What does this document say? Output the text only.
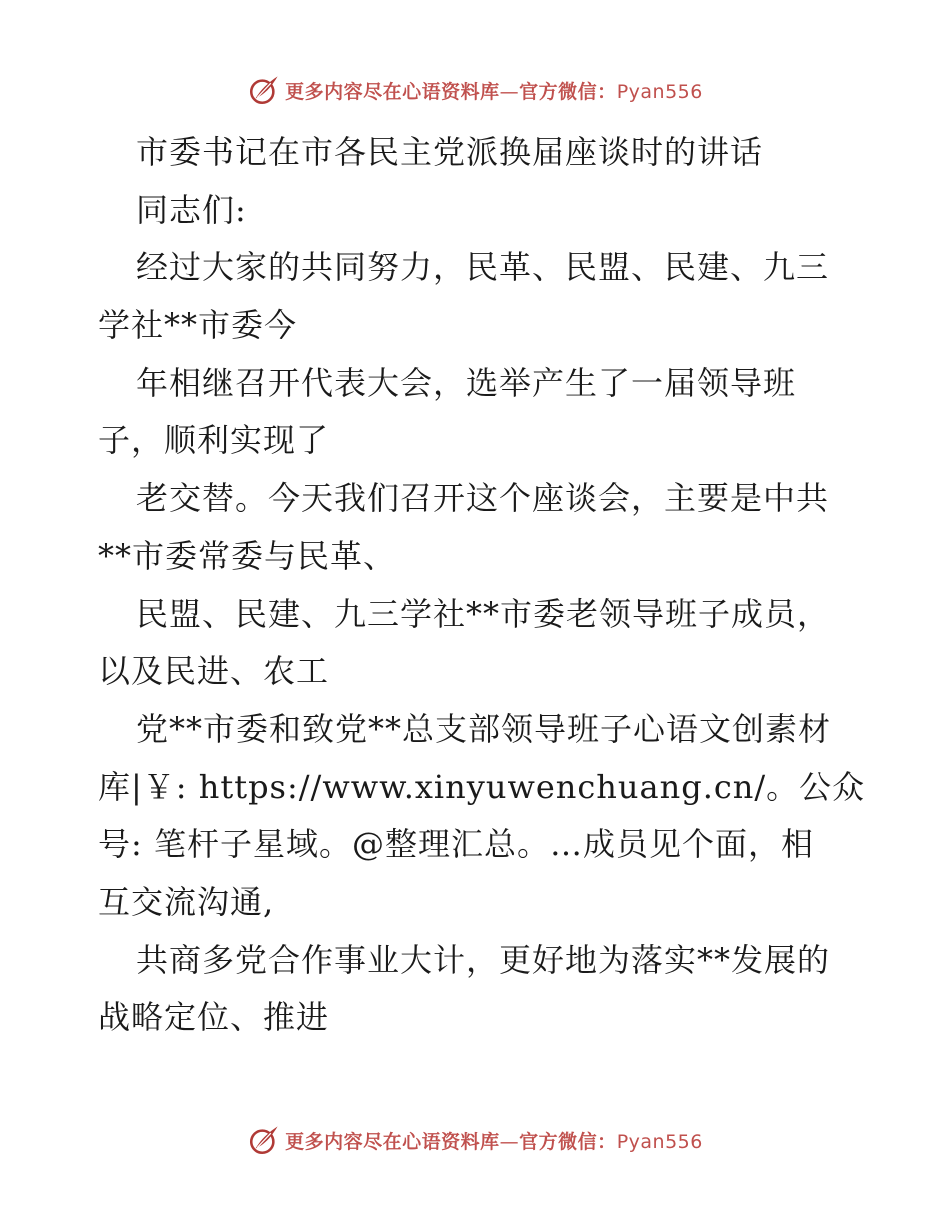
更多内容尽在心语资料库—官方微信：Pyan556
市委书记在市各民主党派换届座谈时的讲话
同志们:
经过大家的共同努力，民革、民盟、民建、九三
学社**市委今
年相继召开代表大会，选举产生了一届领导班
子，顺利实现了
老交替。今天我们召开这个座谈会，主要是中共
**市委常委与民革、
民盟、民建、九三学社**市委老领导班子成员，
以及民进、农工
党**市委和致党**总支部领导班子心语文创素材
库|￥: https://www.xinyuwenchuang.cn/。公众
号: 笔杆子星域。@整理汇总。…成员见个面，相
互交流沟通,
共商多党合作事业大计，更好地为落实**发展的
战略定位、推进
更多内容尽在心语资料库—官方微信：Pyan556
